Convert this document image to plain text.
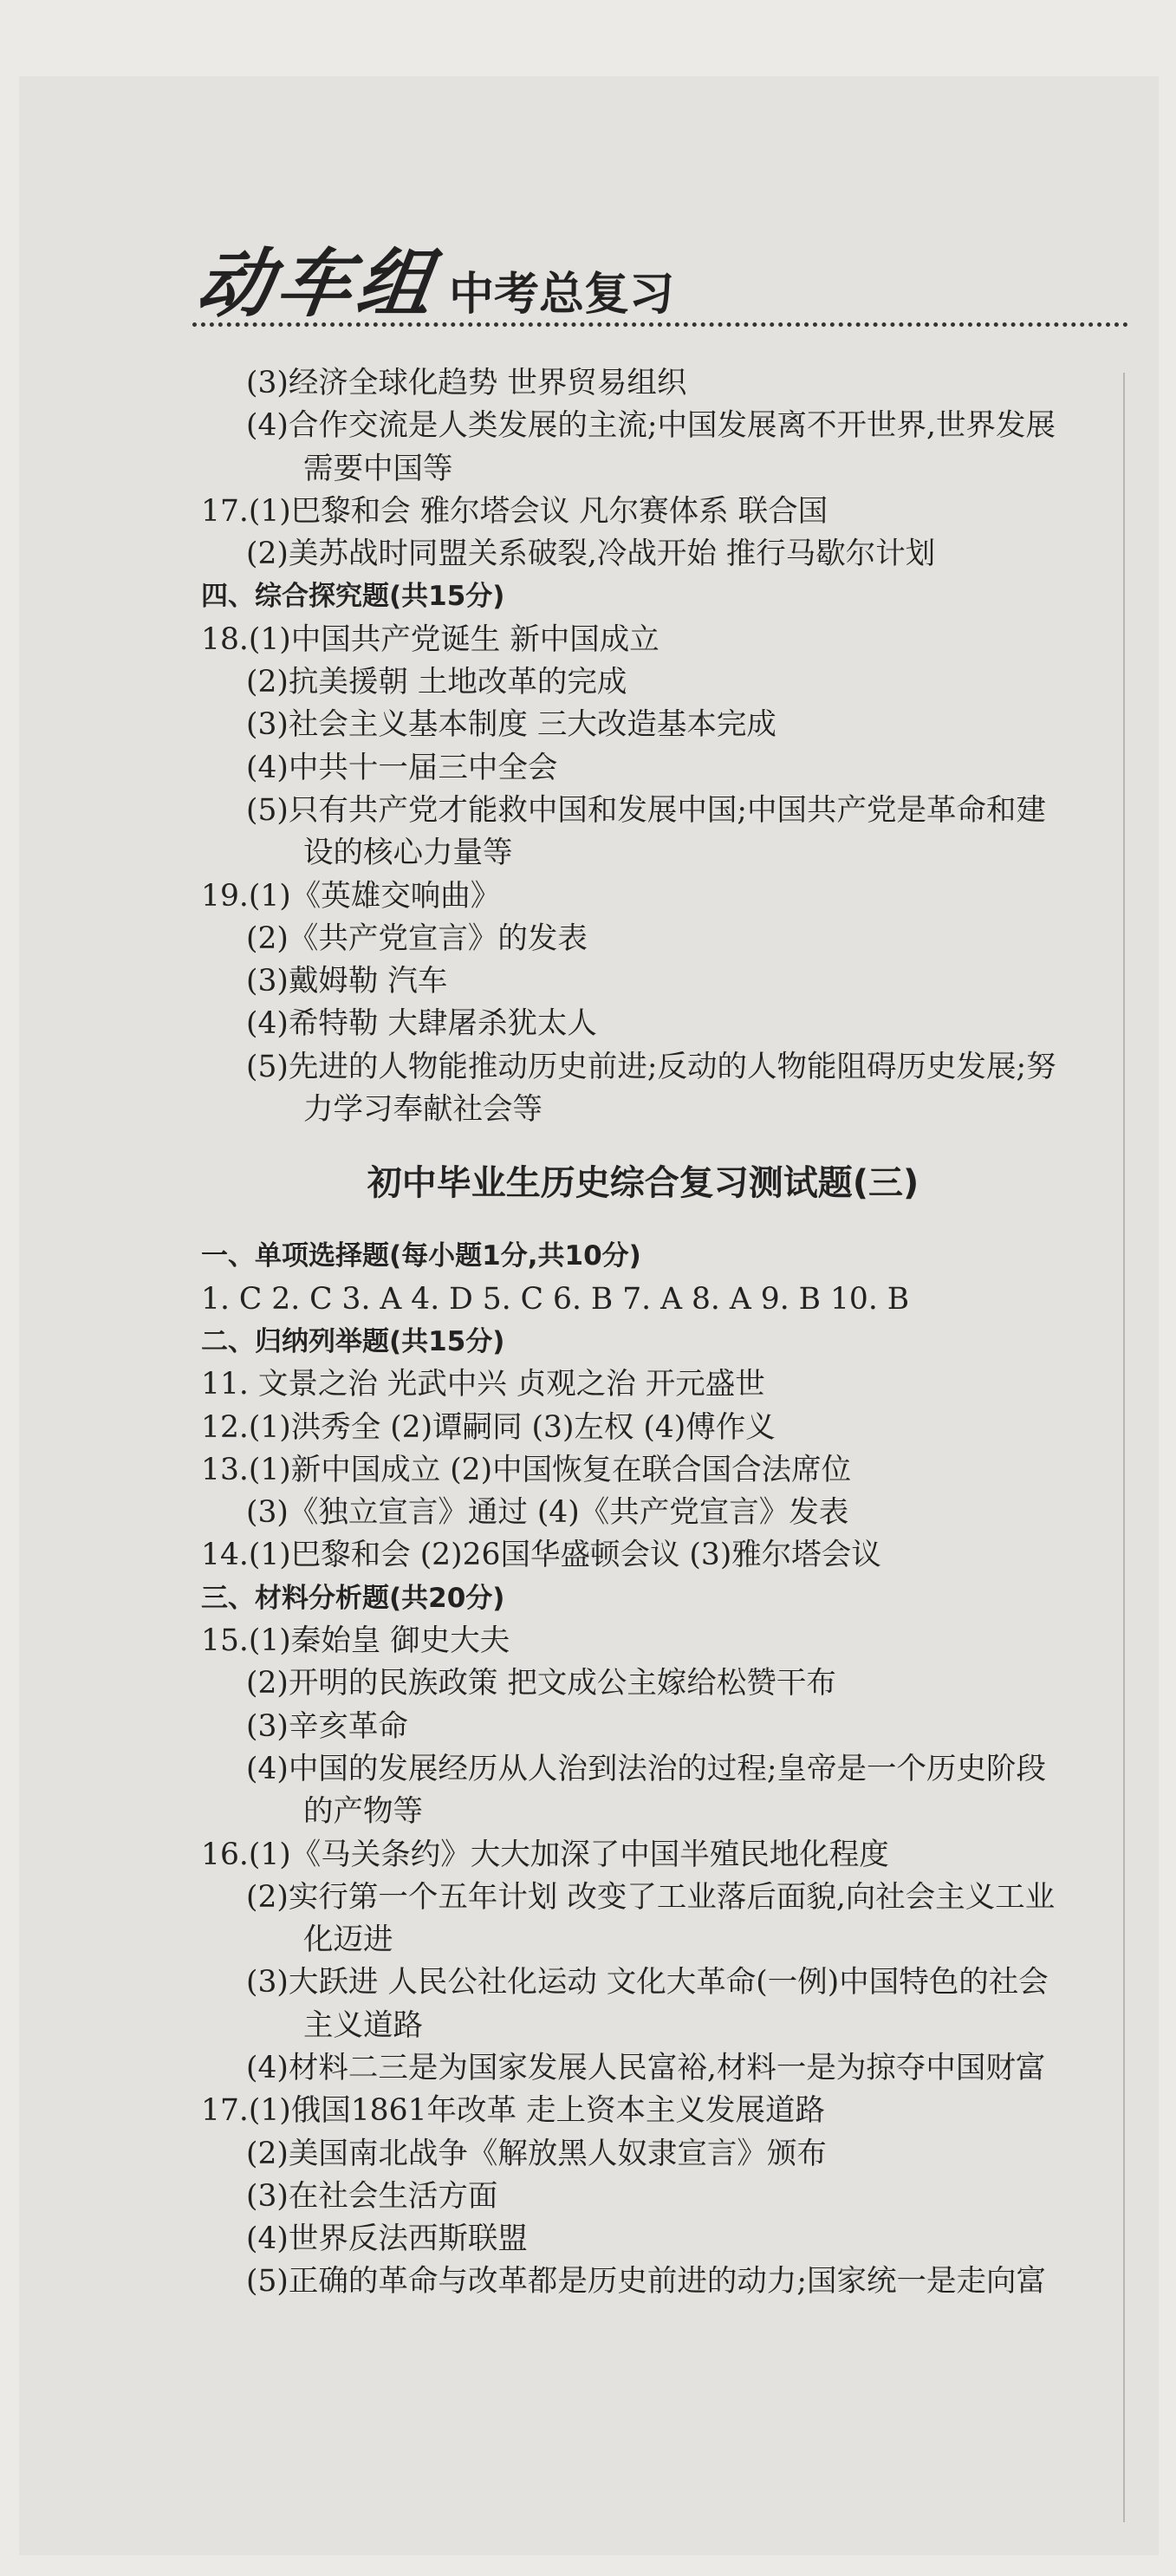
动车组 中考总复习
(3)经济全球化趋势 世界贸易组织
(4)合作交流是人类发展的主流;中国发展离不开世界,世界发展
需要中国等
17.(1)巴黎和会 雅尔塔会议 凡尔赛体系 联合国
(2)美苏战时同盟关系破裂,冷战开始 推行马歇尔计划
四、综合探究题(共15分)
18.(1)中国共产党诞生 新中国成立
(2)抗美援朝 土地改革的完成
(3)社会主义基本制度 三大改造基本完成
(4)中共十一届三中全会
(5)只有共产党才能救中国和发展中国;中国共产党是革命和建
设的核心力量等
19.(1)《英雄交响曲》
(2)《共产党宣言》的发表
(3)戴姆勒 汽车
(4)希特勒 大肆屠杀犹太人
(5)先进的人物能推动历史前进;反动的人物能阻碍历史发展;努
力学习奉献社会等
初中毕业生历史综合复习测试题(三)
一、单项选择题(每小题1分,共10分)
1. C 2. C 3. A 4. D 5. C 6. B 7. A 8. A 9. B 10. B
二、归纳列举题(共15分)
11. 文景之治 光武中兴 贞观之治 开元盛世
12.(1)洪秀全 (2)谭嗣同 (3)左权 (4)傅作义
13.(1)新中国成立 (2)中国恢复在联合国合法席位
(3)《独立宣言》通过 (4)《共产党宣言》发表
14.(1)巴黎和会 (2)26国华盛顿会议 (3)雅尔塔会议
三、材料分析题(共20分)
15.(1)秦始皇 御史大夫
(2)开明的民族政策 把文成公主嫁给松赞干布
(3)辛亥革命
(4)中国的发展经历从人治到法治的过程;皇帝是一个历史阶段
的产物等
16.(1)《马关条约》大大加深了中国半殖民地化程度
(2)实行第一个五年计划 改变了工业落后面貌,向社会主义工业
化迈进
(3)大跃进 人民公社化运动 文化大革命(一例)中国特色的社会
主义道路
(4)材料二三是为国家发展人民富裕,材料一是为掠夺中国财富
17.(1)俄国1861年改革 走上资本主义发展道路
(2)美国南北战争《解放黑人奴隶宣言》颁布
(3)在社会生活方面
(4)世界反法西斯联盟
(5)正确的革命与改革都是历史前进的动力;国家统一是走向富
